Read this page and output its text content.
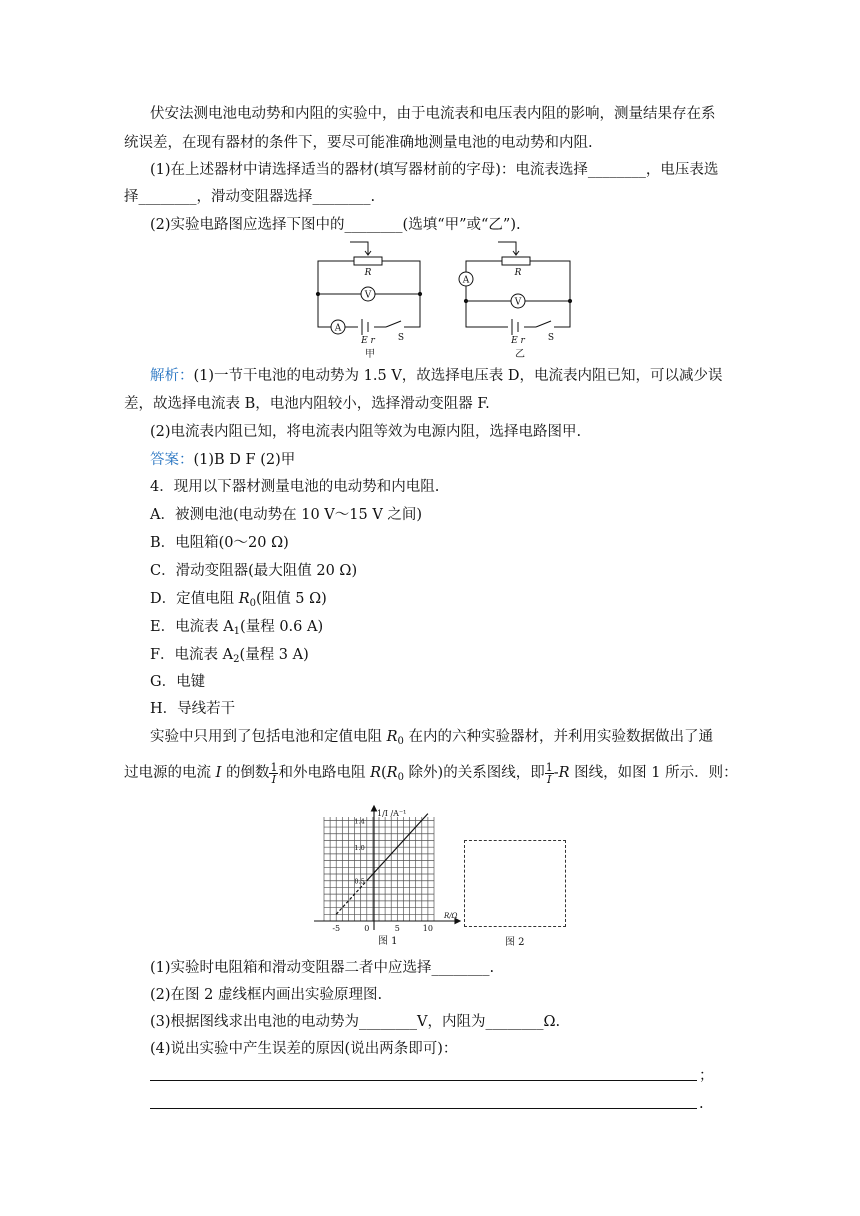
伏安法测电池电动势和内阻的实验中，由于电流表和电压表内阻的影响，测量结果存在系
统误差，在现有器材的条件下，要尽可能准确地测量电池的电动势和内阻.
(1)在上述器材中请选择适当的器材(填写器材前的字母)：电流表选择________，电压表选
择________，滑动变阻器选择________.
(2)实验电路图应选择下图中的________(选填“甲”或“乙”).
R
V
A
E r	S
甲
R
V
A
E r	S
乙
解析：(1)一节干电池的电动势为 1.5 V，故选择电压表 D，电流表内阻已知，可以减少误
差，故选择电流表 B，电池内阻较小，选择滑动变阻器 F.
(2)电流表内阻已知，将电流表内阻等效为电源内阻，选择电路图甲.
答案：(1)B D F (2)甲
4．现用以下器材测量电池的电动势和内电阻.
A．被测电池(电动势在 10 V～15 V 之间)
B．电阻箱(0～20 Ω)
C．滑动变阻器(最大阻值 20 Ω)
D．定值电阻 $R_0$(阻值 5 Ω)
E．电流表 $A_1$(量程 0.6 A)
F．电流表 $A_2$(量程 3 A)
G．电键
H．导线若干
实验中只用到了包括电池和定值电阻 $R_0$ 在内的六种实验器材，并利用实验数据做出了通
过电源的电流 I 的倒数 $\frac{1}{I}$ 和外电路电阻 $R(R_0$ 除外)的关系图线，即 $\frac{1}{I} -R$ 图线，如图 1 所示．则：
-5	0	5	10
0.5
1.0
1.4
1/I /A⁻¹
R/Ω
图 1	图 2
(1)实验时电阻箱和滑动变阻器二者中应选择________.
(2)在图 2 虚线框内画出实验原理图.
(3)根据图线求出电池的电动势为________V，内阻为________Ω.
(4)说出实验中产生误差的原因(说出两条即可)：
；
.
